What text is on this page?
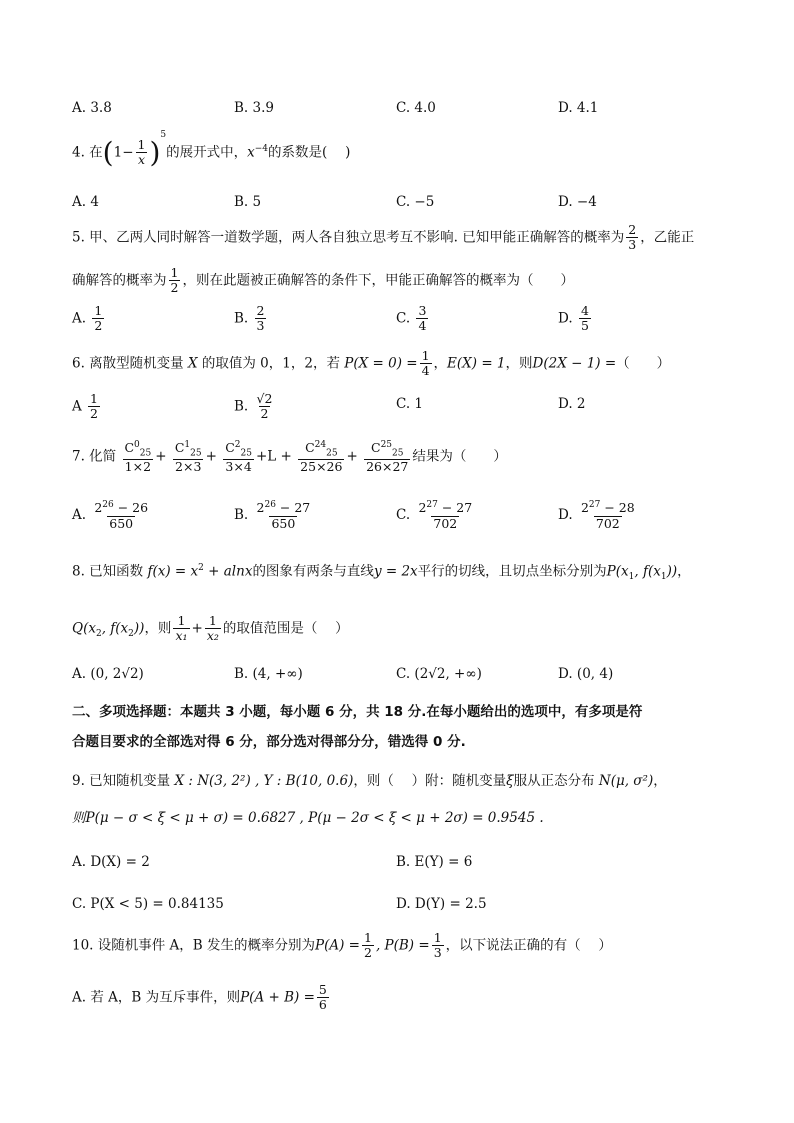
A. 3.8	B. 3.9	C. 4.0	D. 4.1
4. 在$(1- \frac{1}{x} )^5$的展开式中，$x^{-4}$的系数是(　 )
A. 4	B. 5	C. −5	D. −4
5. 甲、乙两人同时解答一道数学题，两人各自独立思考互不影响. 已知甲能正确解答的概率为 $\frac{2}{3}$ ，乙能正
确解答的概率为 $\frac{1}{2}$ ，则在此题被正确解答的条件下，甲能正确解答的概率为（　　）
A. $\frac{1}{2}$	B. $\frac{2}{3}$	C. $\frac{3}{4}$	D. $\frac{4}{5}$
6. 离散型随机变量 X 的取值为 0，1，2，若 $P(X = 0) = \frac{1}{4}$ ，E(X) = 1，则D(2X − 1) =（　　）
A $\frac{1}{2}$	B. $\frac{√2}{2}$	C. 1	D. 2
7. 化简 $\frac{C^0_{25}}{1\times 2} + \frac{C^1_{25}}{2\times 3} + \frac{C^2_{25}}{3\times 4} +L + \frac{C^{24}_{25}}{25\times 26} + \frac{C^{25}_{25}}{26\times 27}$ 结果为（　　）
A. $\frac{2^{26} - 26}{650}$	B. $\frac{2^{26} - 27}{650}$	C. $\frac{2^{27} - 27}{702}$	D. $\frac{2^{27} - 28}{702}$
8. 已知函数 $f(x) = x^2 + alnx$的图象有两条与直线y = 2x平行的切线，且切点坐标分别为$P(x_1$, $f(x_1)$)，
$Q(x_2$, $f(x_2)$)，则 $\frac{1}{\text{x₁}} + \frac{1}{\text{x₂}}$ 的取值范围是（　 ）
A. (0, 2√2)	B. (4, +∞)	C. (2√2, +∞)	D. (0, 4)
二、多项选择题：本题共 3 小题，每小题 6 分，共 18 分.在每小题给出的选项中，有多项是符
合题目要求的全部选对得 6 分，部分选对得部分分，错选得 0 分.
9. 已知随机变量 X : N(3, 2²) , Y : B(10, 0.6)，则（　 ）附：随机变量ξ服从正态分布 N(μ, σ²)，
则P(μ − σ < ξ < μ + σ) = 0.6827 , P(μ − 2σ < ξ < μ + 2σ) = 0.9545 .
A. D(X) = 2	B. E(Y) = 6
C. P(X < 5) = 0.84135	D. D(Y) = 2.5
10. 设随机事件 A，B 发生的概率分别为$P(A) = \frac{1}{2}$ , $P(B) = \frac{1}{3}$ ，以下说法正确的有（　 ）
A. 若 A，B 为互斥事件，则$P(A + B) = \frac{5}{6}$
